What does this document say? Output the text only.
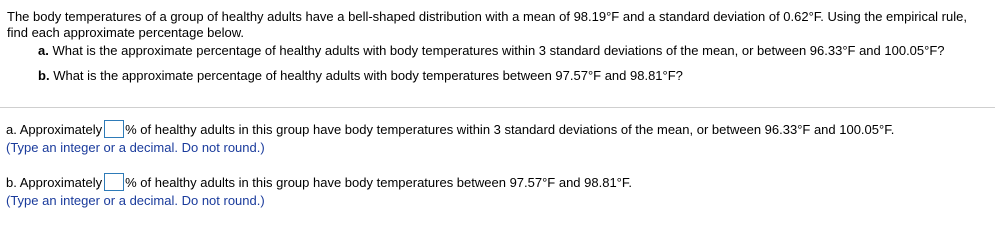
The body temperatures of a group of healthy adults have a bell-shaped distribution with a mean of 98.19°F and a standard deviation of 0.62°F. Using the empirical rule, find each approximate percentage below.

a. What is the approximate percentage of healthy adults with body temperatures within 3 standard deviations of the mean, or between 96.33°F and 100.05°F?
b. What is the approximate percentage of healthy adults with body temperatures between 97.57°F and 98.81°F?
a. Approximately % of healthy adults in this group have body temperatures within 3 standard deviations of the mean, or between 96.33°F and 100.05°F.
(Type an integer or a decimal. Do not round.)
b. Approximately % of healthy adults in this group have body temperatures between 97.57°F and 98.81°F.
(Type an integer or a decimal. Do not round.)
